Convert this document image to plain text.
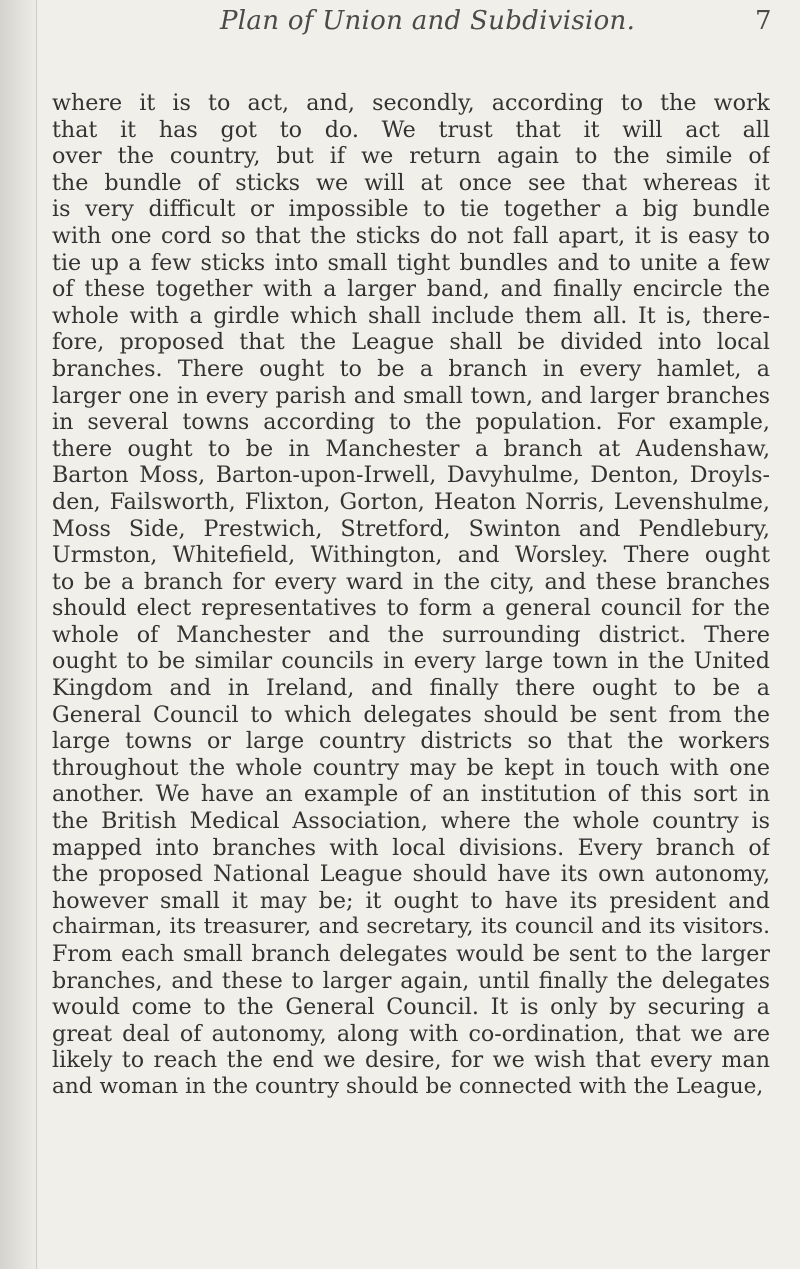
Plan of Union and Subdivision.	7
where it is to act, and, secondly, according to the work
that it has got to do. We trust that it will act all
over the country, but if we return again to the simile of
the bundle of sticks we will at once see that whereas it
is very difficult or impossible to tie together a big bundle
with one cord so that the sticks do not fall apart, it is easy to
tie up a few sticks into small tight bundles and to unite a few
of these together with a larger band, and finally encircle the
whole with a girdle which shall include them all. It is, there-
fore, proposed that the League shall be divided into local
branches. There ought to be a branch in every hamlet, a
larger one in every parish and small town, and larger branches
in several towns according to the population. For example,
there ought to be in Manchester a branch at Audenshaw,
Barton Moss, Barton-upon-Irwell, Davyhulme, Denton, Droyls-
den, Failsworth, Flixton, Gorton, Heaton Norris, Levenshulme,
Moss Side, Prestwich, Stretford, Swinton and Pendlebury,
Urmston, Whitefield, Withington, and Worsley. There ought
to be a branch for every ward in the city, and these branches
should elect representatives to form a general council for the
whole of Manchester and the surrounding district. There
ought to be similar councils in every large town in the United
Kingdom and in Ireland, and finally there ought to be a
General Council to which delegates should be sent from the
large towns or large country districts so that the workers
throughout the whole country may be kept in touch with one
another. We have an example of an institution of this sort in
the British Medical Association, where the whole country is
mapped into branches with local divisions. Every branch of
the proposed National League should have its own autonomy,
however small it may be; it ought to have its president and
chairman, its treasurer, and secretary, its council and its visitors.
From each small branch delegates would be sent to the larger
branches, and these to larger again, until finally the delegates
would come to the General Council. It is only by securing a
great deal of autonomy, along with co-ordination, that we are
likely to reach the end we desire, for we wish that every man
and woman in the country should be connected with the League,
